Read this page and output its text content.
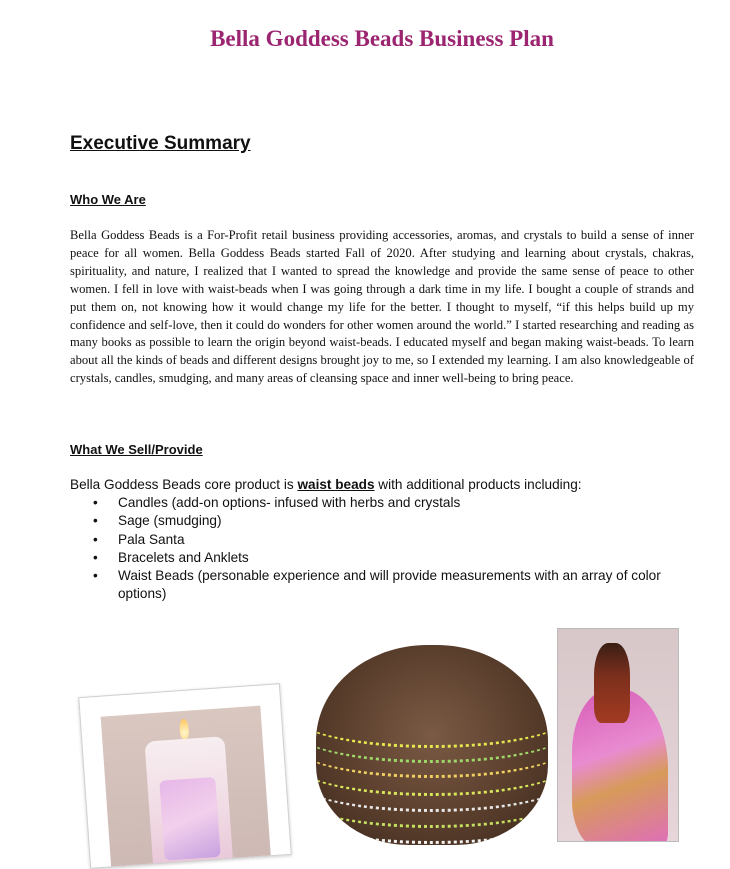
Bella Goddess Beads Business Plan
Executive Summary
Who We Are

Bella Goddess Beads is a For-Profit retail business providing accessories, aromas, and crystals to build a sense of inner peace for all women. Bella Goddess Beads started Fall of 2020. After studying and learning about crystals, chakras, spirituality, and nature, I realized that I wanted to spread the knowledge and provide the same sense of peace to other women. I fell in love with waist-beads when I was going through a dark time in my life. I bought a couple of strands and put them on, not knowing how it would change my life for the better. I thought to myself, “if this helps build up my confidence and self-love, then it could do wonders for other women around the world.” I started researching and reading as many books as possible to learn the origin beyond waist-beads. I educated myself and began making waist-beads. To learn about all the kinds of beads and different designs brought joy to me, so I extended my learning. I am also knowledgeable of crystals, candles, smudging, and many areas of cleansing space and inner well-being to bring peace.

What We Sell/Provide

Bella Goddess Beads core product is waist beads with additional products including:

• Candles (add-on options- infused with herbs and crystals
• Sage (smudging)
• Pala Santa
• Bracelets and Anklets
• Waist Beads (personable experience and will provide measurements with an array of color options)
